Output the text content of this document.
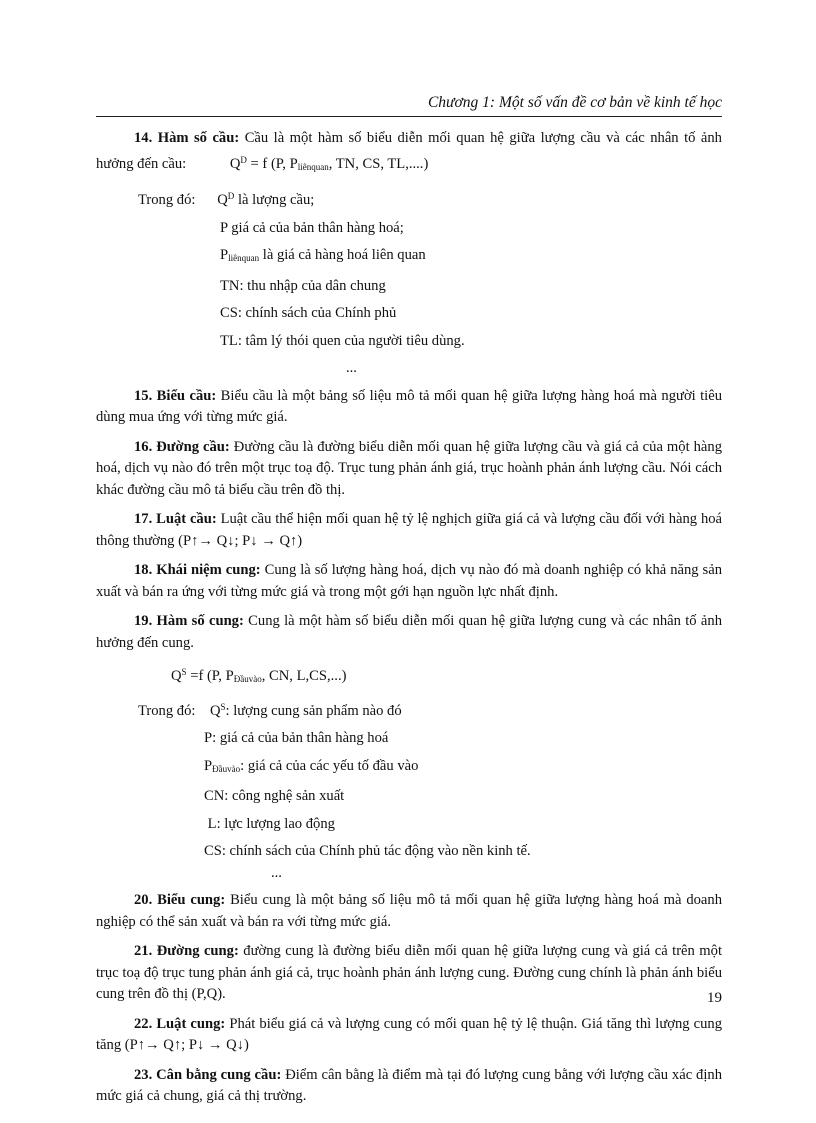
Chương 1: Một số vấn đề cơ bản về kinh tế học

14. Hàm số cầu: Cầu là một hàm số biểu diễn mối quan hệ giữa lượng cầu và các nhân tố ảnh hưởng đến cầu:	$Q^D = f$ (P, $P_{liênquan}$, TN, CS, TL,....)

Trong đó: $Q^D$ là lượng cầu;

P giá cả của bản thân hàng hoá;

$P_{liênquan}$ là giá cả hàng hoá liên quan

TN: thu nhập của dân chung

CS: chính sách của Chính phủ

TL: tâm lý thói quen của người tiêu dùng.

...

15. Biểu cầu: Biểu cầu là một bảng số liệu mô tả mối quan hệ giữa lượng hàng hoá mà người tiêu dùng mua ứng với từng mức giá.

16. Đường cầu: Đường cầu là đường biểu diễn mối quan hệ giữa lượng cầu và giá cả của một hàng hoá, dịch vụ nào đó trên một trục toạ độ. Trục tung phản ánh giá, trục hoành phản ánh lượng cầu. Nói cách khác đường cầu mô tả biểu cầu trên đồ thị.

17. Luật cầu: Luật cầu thể hiện mối quan hệ tỷ lệ nghịch giữa giá cả và lượng cầu đối với hàng hoá thông thường (P↑→ Q↓; P↓ → Q↑)

18. Khái niệm cung: Cung là số lượng hàng hoá, dịch vụ nào đó mà doanh nghiệp có khả năng sản xuất và bán ra ứng với từng mức giá và trong một gới hạn nguồn lực nhất định.

19. Hàm số cung: Cung là một hàm số biểu diễn mối quan hệ giữa lượng cung và các nhân tố ảnh hưởng đến cung.

$Q^S =f$ (P, $P_{Đầuvào}$, CN, L,CS,...)

Trong đó: $Q^S$: lượng cung sản phẩm nào đó

P: giá cả của bản thân hàng hoá

$P_{Đầuvào}$: giá cả của các yếu tố đầu vào

CN: công nghệ sản xuất

L: lực lượng lao động

CS: chính sách của Chính phủ tác động vào nền kinh tế.

...

20. Biểu cung: Biểu cung là một bảng số liệu mô tả mối quan hệ giữa lượng hàng hoá mà doanh nghiệp có thể sản xuất và bán ra với từng mức giá.

21. Đường cung: đường cung là đường biểu diễn mối quan hệ giữa lượng cung và giá cả trên một trục toạ độ trục tung phản ánh giá cả, trục hoành phản ánh lượng cung. Đường cung chính là phản ánh biểu cung trên đồ thị (P,Q).

22. Luật cung: Phát biểu giá cả và lượng cung có mối quan hệ tỷ lệ thuận. Giá tăng thì lượng cung tăng (P↑→ Q↑; P↓ → Q↓)

23. Cân bằng cung cầu: Điểm cân bằng là điểm mà tại đó lượng cung bằng với lượng cầu xác định mức giá cả chung, giá cả thị trường.

19
